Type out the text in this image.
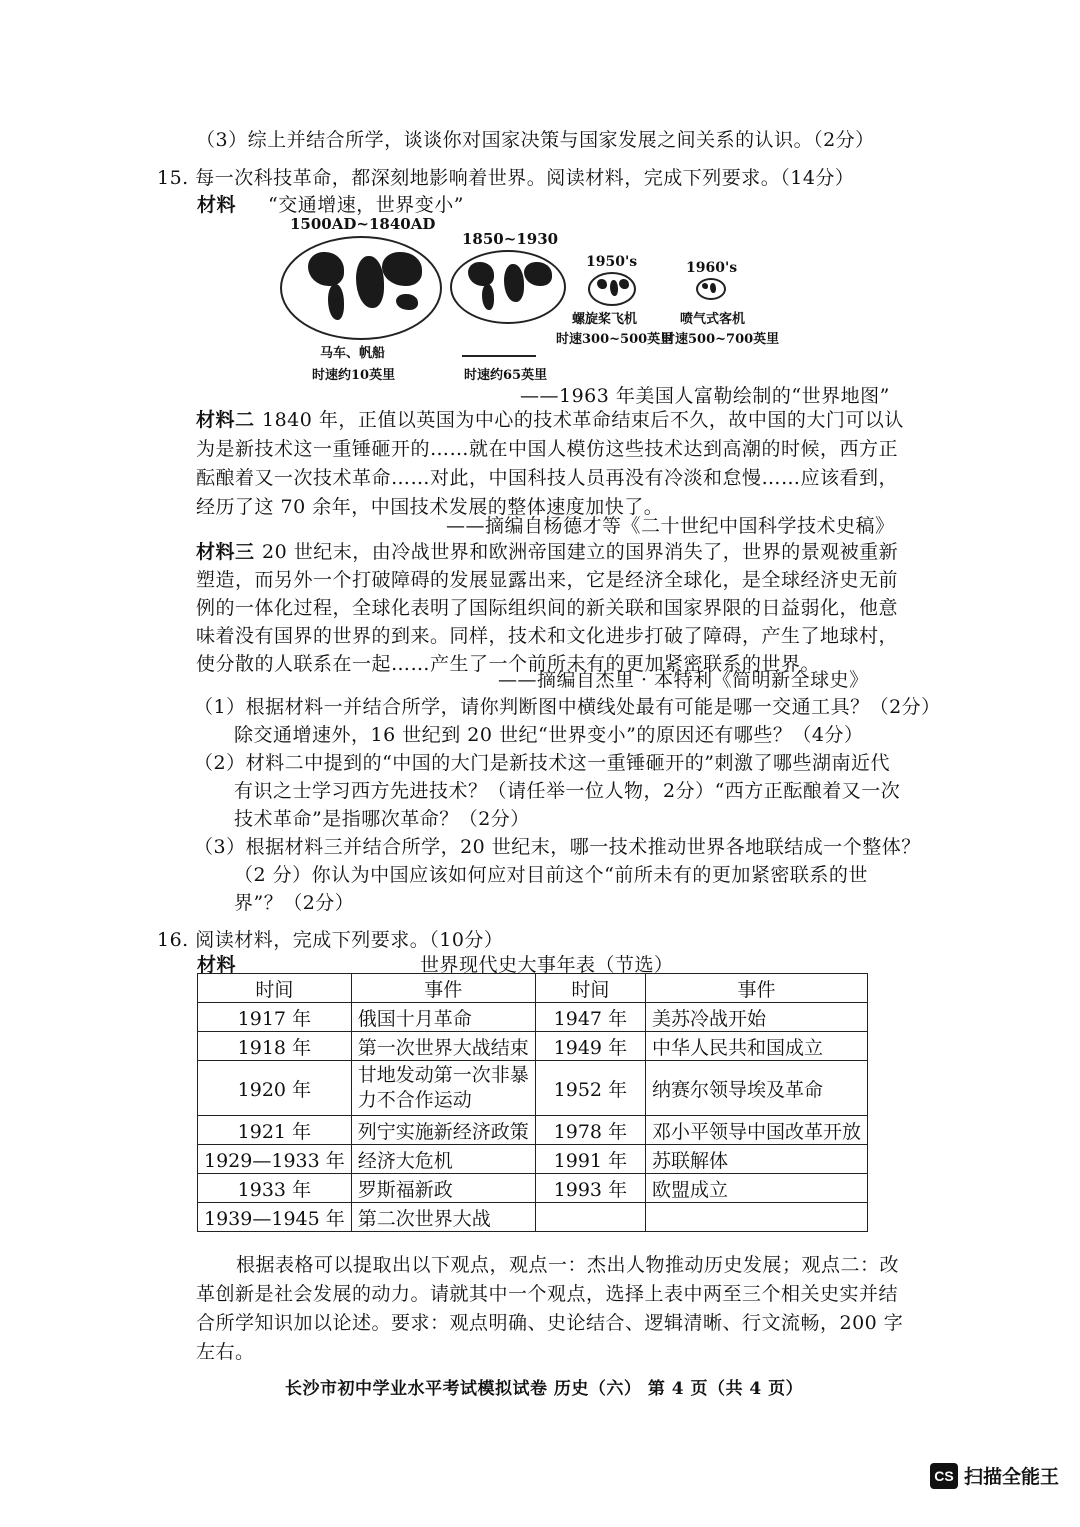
（3）综上并结合所学，谈谈你对国家决策与国家发展之间关系的认识。（2分）
15. 每一次科技革命，都深刻地影响着世界。阅读材料，完成下列要求。（14分）
材料 “交通增速，世界变小”
1500AD~1840AD
马车、帆船
时速约10英里
1850~1930
时速约65英里
1950's
螺旋桨飞机
时速300~500英里
1960's
喷气式客机
时速500~700英里
——1963 年美国人富勒绘制的“世界地图”
材料二 1840 年，正值以英国为中心的技术革命结束后不久，故中国的大门可以认
为是新技术这一重锤砸开的……就在中国人模仿这些技术达到高潮的时候，西方正
酝酿着又一次技术革命……对此，中国科技人员再没有冷淡和怠慢……应该看到，
经历了这 70 余年，中国技术发展的整体速度加快了。
——摘编自杨德才等《二十世纪中国科学技术史稿》
材料三 20 世纪末，由冷战世界和欧洲帝国建立的国界消失了，世界的景观被重新
塑造，而另外一个打破障碍的发展显露出来，它是经济全球化，是全球经济史无前
例的一体化过程，全球化表明了国际组织间的新关联和国家界限的日益弱化，他意
味着没有国界的世界的到来。同样，技术和文化进步打破了障碍，产生了地球村，
使分散的人联系在一起……产生了一个前所未有的更加紧密联系的世界。
——摘编自杰里 · 本特利《简明新全球史》
（1）根据材料一并结合所学，请你判断图中横线处最有可能是哪一交通工具？（2分）
除交通增速外，16 世纪到 20 世纪“世界变小”的原因还有哪些？（4分）
（2）材料二中提到的“中国的大门是新技术这一重锤砸开的”刺激了哪些湖南近代
有识之士学习西方先进技术？（请任举一位人物，2分）“西方正酝酿着又一次
技术革命”是指哪次革命？（2分）
（3）根据材料三并结合所学，20 世纪末，哪一技术推动世界各地联结成一个整体？
（2 分）你认为中国应该如何应对目前这个“前所未有的更加紧密联系的世
界”？（2分）
16. 阅读材料，完成下列要求。（10分）
材料	世界现代史大事年表（节选）
时间	事件	时间	事件
1917 年	俄国十月革命	1947 年	美苏冷战开始
1918 年	第一次世界大战结束	1949 年	中华人民共和国成立
1920 年	甘地发动第一次非暴
力不合作运动	1952 年	纳赛尔领导埃及革命
1921 年	列宁实施新经济政策	1978 年	邓小平领导中国改革开放
1929—1933 年	经济大危机	1991 年	苏联解体
1933 年	罗斯福新政	1993 年	欧盟成立
1939—1945 年	第二次世界大战		
根据表格可以提取出以下观点，观点一：杰出人物推动历史发展；观点二：改
革创新是社会发展的动力。请就其中一个观点，选择上表中两至三个相关史实并结
合所学知识加以论述。要求：观点明确、史论结合、逻辑清晰、行文流畅，200 字
左右。
长沙市初中学业水平考试模拟试卷 历史（六） 第 4 页（共 4 页）
CS 扫描全能王
